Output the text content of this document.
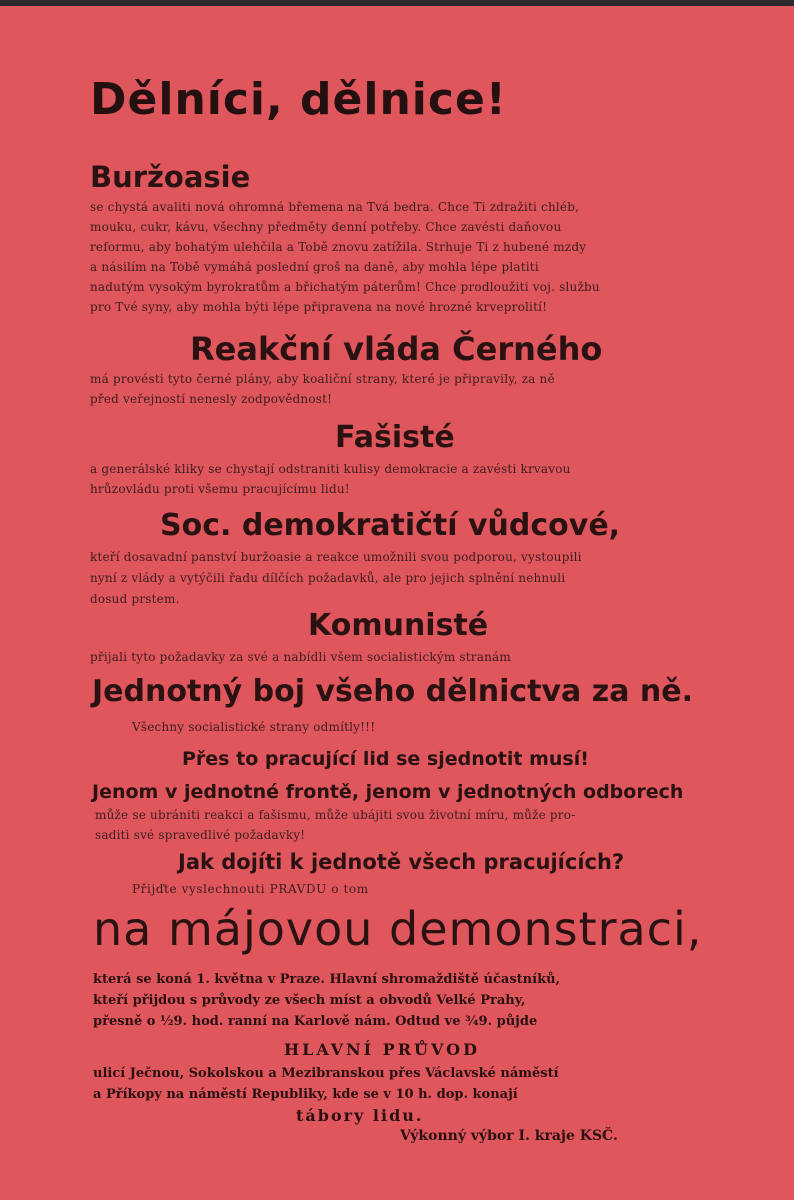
Dělníci, dělnice!
Buržoasie
se chystá avaliti nová ohromná břemena na Tvá bedra. Chce Ti zdražiti chléb,
mouku, cukr, kávu, všechny předměty denní potřeby. Chce zavésti daňovou
reformu, aby bohatým ulehčila a Tobě znovu zatížila. Strhuje Ti z hubené mzdy
a násilím na Tobě vymáhá poslední groš na daně, aby mohla lépe platiti
nadutým vysokým byrokratům a břichatým páterům! Chce prodloužiti voj. službu
pro Tvé syny, aby mohla býti lépe připravena na nové hrozné krveprolití!
Reakční vláda Černého
má provésti tyto černé plány, aby koaliční strany, které je připravily, za ně
před veřejností nenesly zodpovědnost!
Fašisté
a generálské kliky se chystají odstraniti kulisy demokracie a zavésti krvavou
hrůzovládu proti všemu pracujícímu lidu!
Soc. demokratičtí vůdcové,
kteří dosavadní panství buržoasie a reakce umožnili svou podporou, vystoupili
nyní z vlády a vytýčili řadu dílčích požadavků, ale pro jejich splnění nehnuli
dosud prstem.
Komunisté
přijali tyto požadavky za své a nabídli všem socialistickým stranám
Jednotný boj všeho dělnictva za ně.
Všechny socialistické strany odmítly!!!
Přes to pracující lid se sjednotit musí!
Jenom v jednotné frontě, jenom v jednotných odborech
může se ubrániti reakci a fašismu, může ubájiti svou životní míru, může pro-
saditi své spravedlivé požadavky!
Jak dojíti k jednotě všech pracujících?
Přijďte vyslechnouti PRAVDU o tom
na májovou demonstraci,
která se koná 1. května v Praze. Hlavní shromaždiště účastníků,
kteří přijdou s průvody ze všech míst a obvodů Velké Prahy,
přesně o ½9. hod. ranní na Karlově nám. Odtud ve ¾9. půjde
HLAVNÍ PRŮVOD
ulicí Ječnou, Sokolskou a Mezibranskou přes Václavské náměstí
a Příkopy na náměstí Republiky, kde se v 10 h. dop. konají
tábory lidu.
Výkonný výbor I. kraje KSČ.
